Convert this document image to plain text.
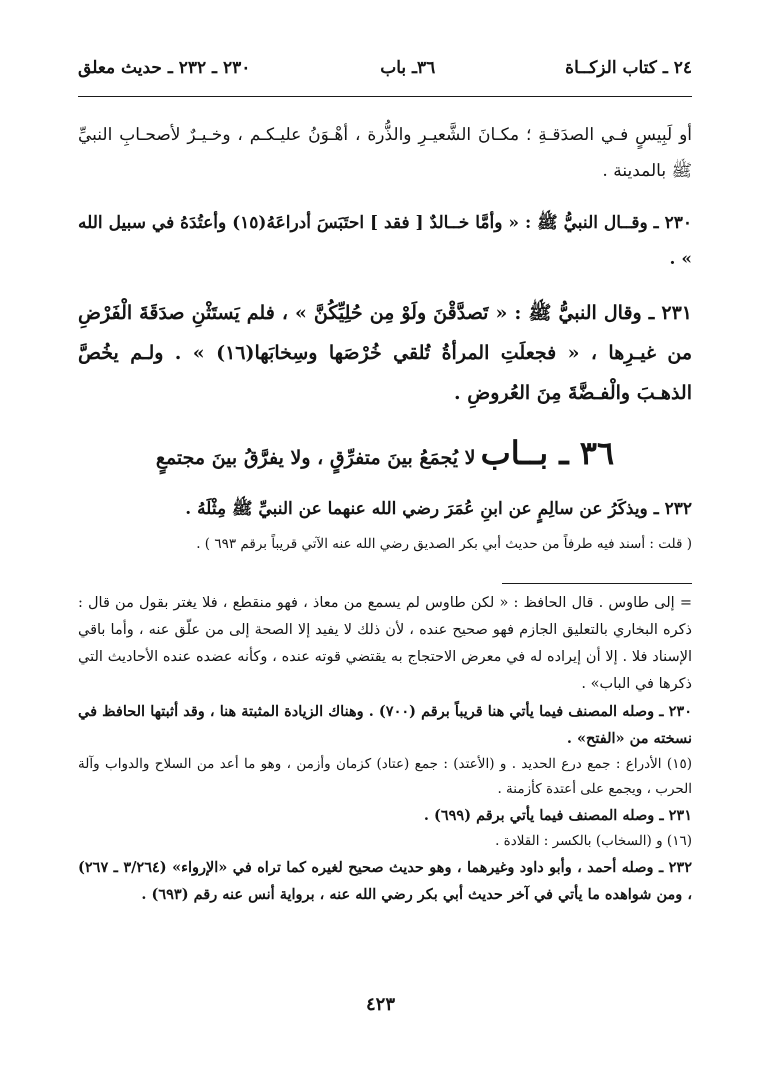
٢٤ ـ كتاب الزكــاة
٣٦ـ باب
٢٣٠ ـ ٢٣٢ ـ حديث معلق

أو لَبِيسٍ فـي الصدَقـةِ ؛ مكـانَ الشَّعيـرِ والذُّرة ، أهْـوَنُ عليـكـم ، وخـيـرٌ لأصحـابِ النبيِّ ﷺ بالمدينة .

٢٣٠ ـ وقــال النبيُّ ﷺ : « وأمَّا خــالدٌ [ فقد ] احتَبَسَ أدراعَهُ(١٥) وأعتُدَهُ في سبيل الله » .

٢٣١ ـ وقال النبيُّ ﷺ : « تَصدَّقْنَ ولَوْ مِن حُلِيِّكُنَّ » ، فلم يَستَثْنِ صدَقَةَ الْفَرْضِ من غيـرِها ، « فجعلَتِ المرأةُ تُلقي خُرْصَها وسِخابَها(١٦) » . ولـم يخُصَّ الذهـبَ والْفـضَّةَ مِنَ العُروضِ .

٣٦ ـ بــاب لا يُجمَعُ بينَ متفرِّقٍ ، ولا يفرَّقُ بينَ مجتمعٍ

٢٣٢ ـ ويذكَرُ عن سالِمٍ عن ابنِ عُمَرَ رضي الله عنهما عن النبيِّ ﷺ مِثْلَهُ .

( قلت : أسند فيه طرفاً من حديث أبي بكر الصديق رضي الله عنه الآتي قريباً برقم ٦٩٣ ) .

= إلى طاوس . قال الحافظ : « لكن طاوس لم يسمع من معاذ ، فهو منقطع ، فلا يغتر بقول من قال : ذكره البخاري بالتعليق الجازم فهو صحيح عنده ، لأن ذلك لا يفيد إلا الصحة إلى من علّق عنه ، وأما باقي الإسناد فلا . إلا أن إيراده له في معرض الاحتجاج به يقتضي قوته عنده ، وكأنه عضده عنده الأحاديث التي ذكرها في الباب» .

٢٣٠ ـ وصله المصنف فيما يأتي هنا قريباً برقم (٧٠٠) . وهناك الزيادة المثبتة هنا ، وقد أثبتها الحافظ في نسخته من «الفتح» .

(١٥) الأدراع : جمع درع الحديد . و (الأعتد) : جمع (عتاد) كزمان وأزمن ، وهو ما أعد من السلاح والدواب وآلة الحرب ، ويجمع على أعتدة كأزمنة .

٢٣١ ـ وصله المصنف فيما يأتي برقم (٦٩٩) .

(١٦) و (السخاب) بالكسر : القلادة .

٢٣٢ ـ وصله أحمد ، وأبو داود وغيرهما ، وهو حديث صحيح لغيره كما تراه في «الإرواء» (٣/٢٦٤ ـ ٢٦٧) ، ومن شواهده ما يأتي في آخر حديث أبي بكر رضي الله عنه ، برواية أنس عنه رقم (٦٩٣) .

٤٢٣
